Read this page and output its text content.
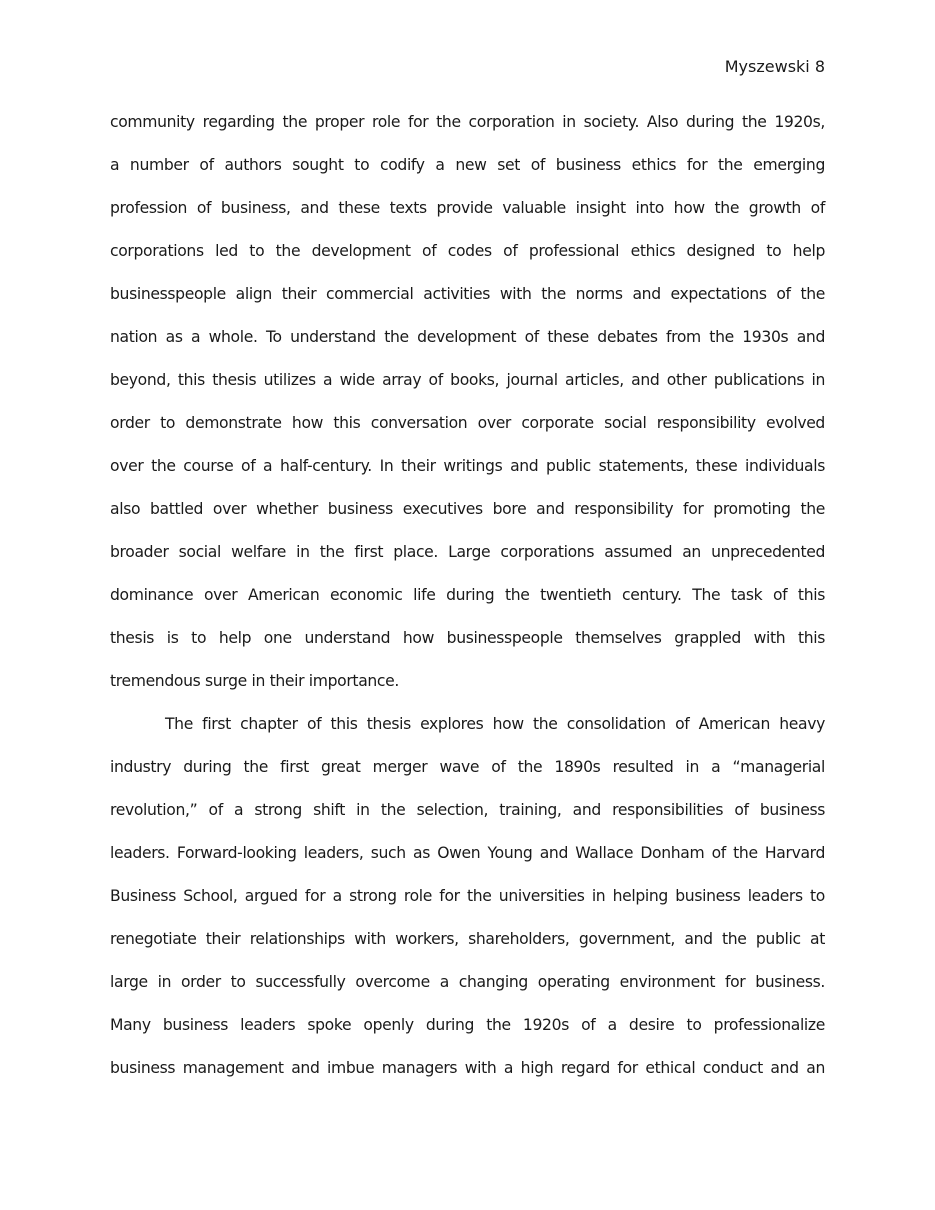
Myszewski 8
community regarding the proper role for the corporation in society. Also during the 1920s,
a number of authors sought to codify a new set of business ethics for the emerging
profession of business, and these texts provide valuable insight into how the growth of
corporations led to the development of codes of professional ethics designed to help
businesspeople align their commercial activities with the norms and expectations of the
nation as a whole. To understand the development of these debates from the 1930s and
beyond, this thesis utilizes a wide array of books, journal articles, and other publications in
order to demonstrate how this conversation over corporate social responsibility evolved
over the course of a half-century. In their writings and public statements, these individuals
also battled over whether business executives bore and responsibility for promoting the
broader social welfare in the first place. Large corporations assumed an unprecedented
dominance over American economic life during the twentieth century. The task of this
thesis is to help one understand how businesspeople themselves grappled with this
tremendous surge in their importance.
The first chapter of this thesis explores how the consolidation of American heavy
industry during the first great merger wave of the 1890s resulted in a “managerial
revolution,” of a strong shift in the selection, training, and responsibilities of business
leaders. Forward-looking leaders, such as Owen Young and Wallace Donham of the Harvard
Business School, argued for a strong role for the universities in helping business leaders to
renegotiate their relationships with workers, shareholders, government, and the public at
large in order to successfully overcome a changing operating environment for business.
Many business leaders spoke openly during the 1920s of a desire to professionalize
business management and imbue managers with a high regard for ethical conduct and an
